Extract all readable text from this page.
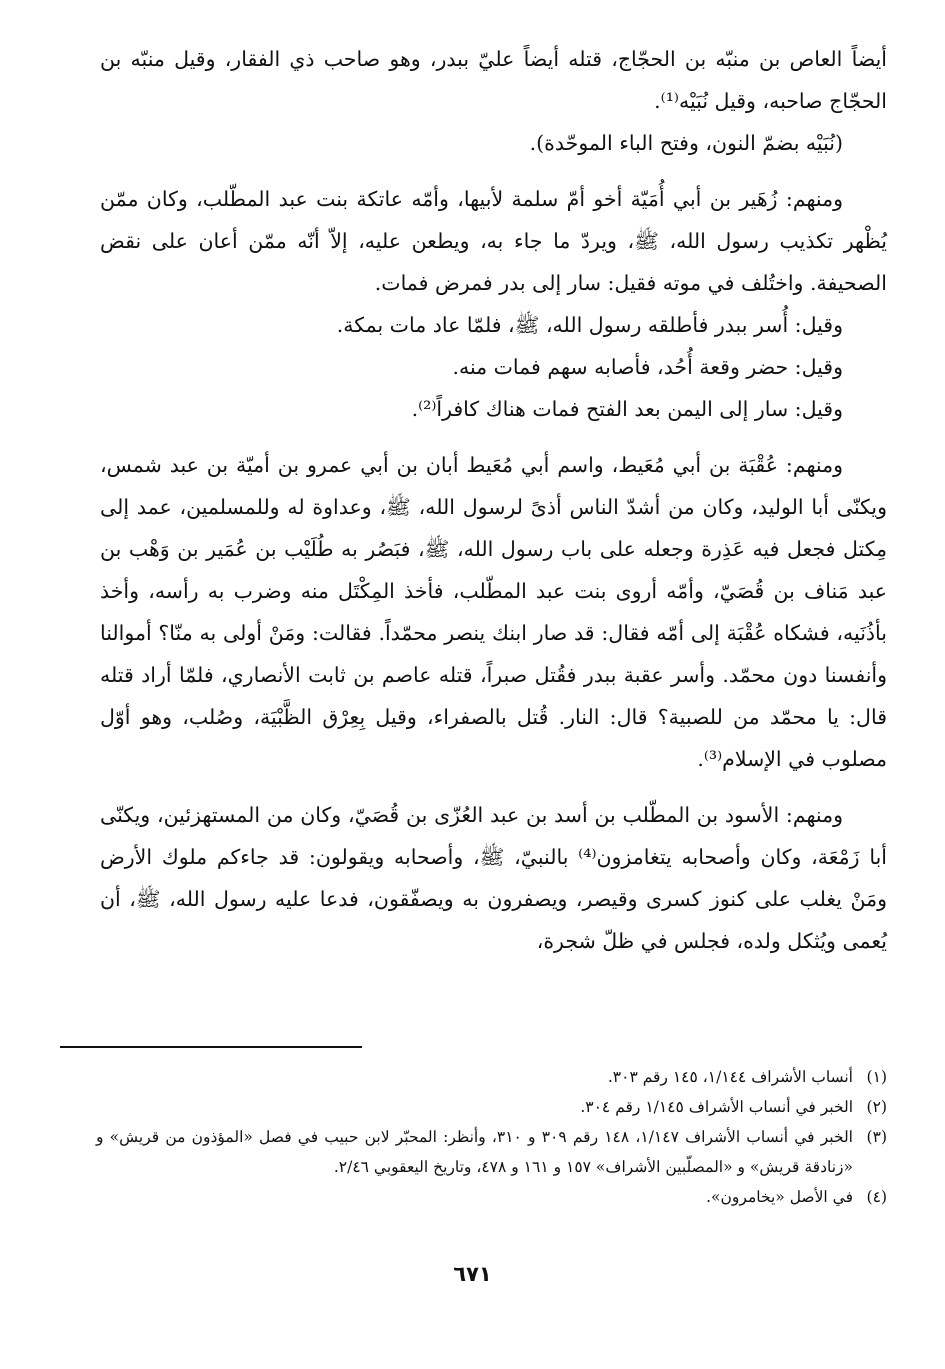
أيضاً العاص بن منبّه بن الحجّاج، قتله أيضاً عليّ ببدر، وهو صاحب ذي الفقار، وقيل منبّه بن الحجّاج صاحبه، وقيل نُبَيْه⁽¹⁾.

(نُبَيْه بضمّ النون، وفتح الباء الموحّدة).

ومنهم: زُهَير بن أبي أُمَيّة أخو أمّ سلمة لأبيها، وأمّه عاتكة بنت عبد المطّلب، وكان ممّن يُظْهر تكذيب رسول الله، ﷺ، ويردّ ما جاء به، ويطعن عليه، إلاّ أنّه ممّن أعان على نقض الصحيفة. واختُلف في موته فقيل: سار إلى بدر فمرض فمات.

وقيل: أُسر ببدر فأطلقه رسول الله، ﷺ، فلمّا عاد مات بمكة.

وقيل: حضر وقعة أُحُد، فأصابه سهم فمات منه.

وقيل: سار إلى اليمن بعد الفتح فمات هناك كافراً⁽²⁾.

ومنهم: عُقْبَة بن أبي مُعَيط، واسم أبي مُعَيط أبان بن أبي عمرو بن أميّة بن عبد شمس، ويكنّى أبا الوليد، وكان من أشدّ الناس أذىً لرسول الله، ﷺ، وعداوة له وللمسلمين، عمد إلى مِكتل فجعل فيه عَذِرة وجعله على باب رسول الله، ﷺ، فبَصُر به طُلَيْب بن عُمَير بن وَهْب بن عبد مَناف بن قُصَيّ، وأمّه أروى بنت عبد المطّلب، فأخذ المِكْتَل منه وضرب به رأسه، وأخذ بأذُنَيه، فشكاه عُقْبَة إلى أمّه فقال: قد صار ابنك ينصر محمّداً. فقالت: ومَنْ أولى به منّا؟ أموالنا وأنفسنا دون محمّد. وأسر عقبة ببدر فقُتل صبراً، قتله عاصم بن ثابت الأنصاري، فلمّا أراد قتله قال: يا محمّد من للصبية؟ قال: النار. قُتل بالصفراء، وقيل بِعِرْق الظَّبْيَة، وصُلب، وهو أوّل مصلوب في الإسلام⁽³⁾.

ومنهم: الأسود بن المطّلب بن أسد بن عبد العُزّى بن قُصَيّ، وكان من المستهزئين، ويكنّى أبا زَمْعَة، وكان وأصحابه يتغامزون⁽⁴⁾ بالنبيّ، ﷺ، وأصحابه ويقولون: قد جاءكم ملوك الأرض ومَنْ يغلب على كنوز كسرى وقيصر، ويصفرون به ويصفّقون، فدعا عليه رسول الله، ﷺ، أن يُعمى ويُثكل ولده، فجلس في ظلّ شجرة،

(١)
أنساب الأشراف ١/١٤٤، ١٤٥ رقم ٣٠٣.

(٢)
الخبر في أنساب الأشراف ١/١٤٥ رقم ٣٠٤.

(٣)
الخبر في أنساب الأشراف ١/١٤٧، ١٤٨ رقم ٣٠٩ و ٣١٠، وأنظر: المحبّر لابن حبيب في فصل «المؤذون من قريش» و «زنادقة قريش» و «المصلّبين الأشراف» ١٥٧ و ١٦١ و ٤٧٨، وتاريخ اليعقوبي ٢/٤٦.

(٤)
في الأصل «يخامرون».

٦٧١
